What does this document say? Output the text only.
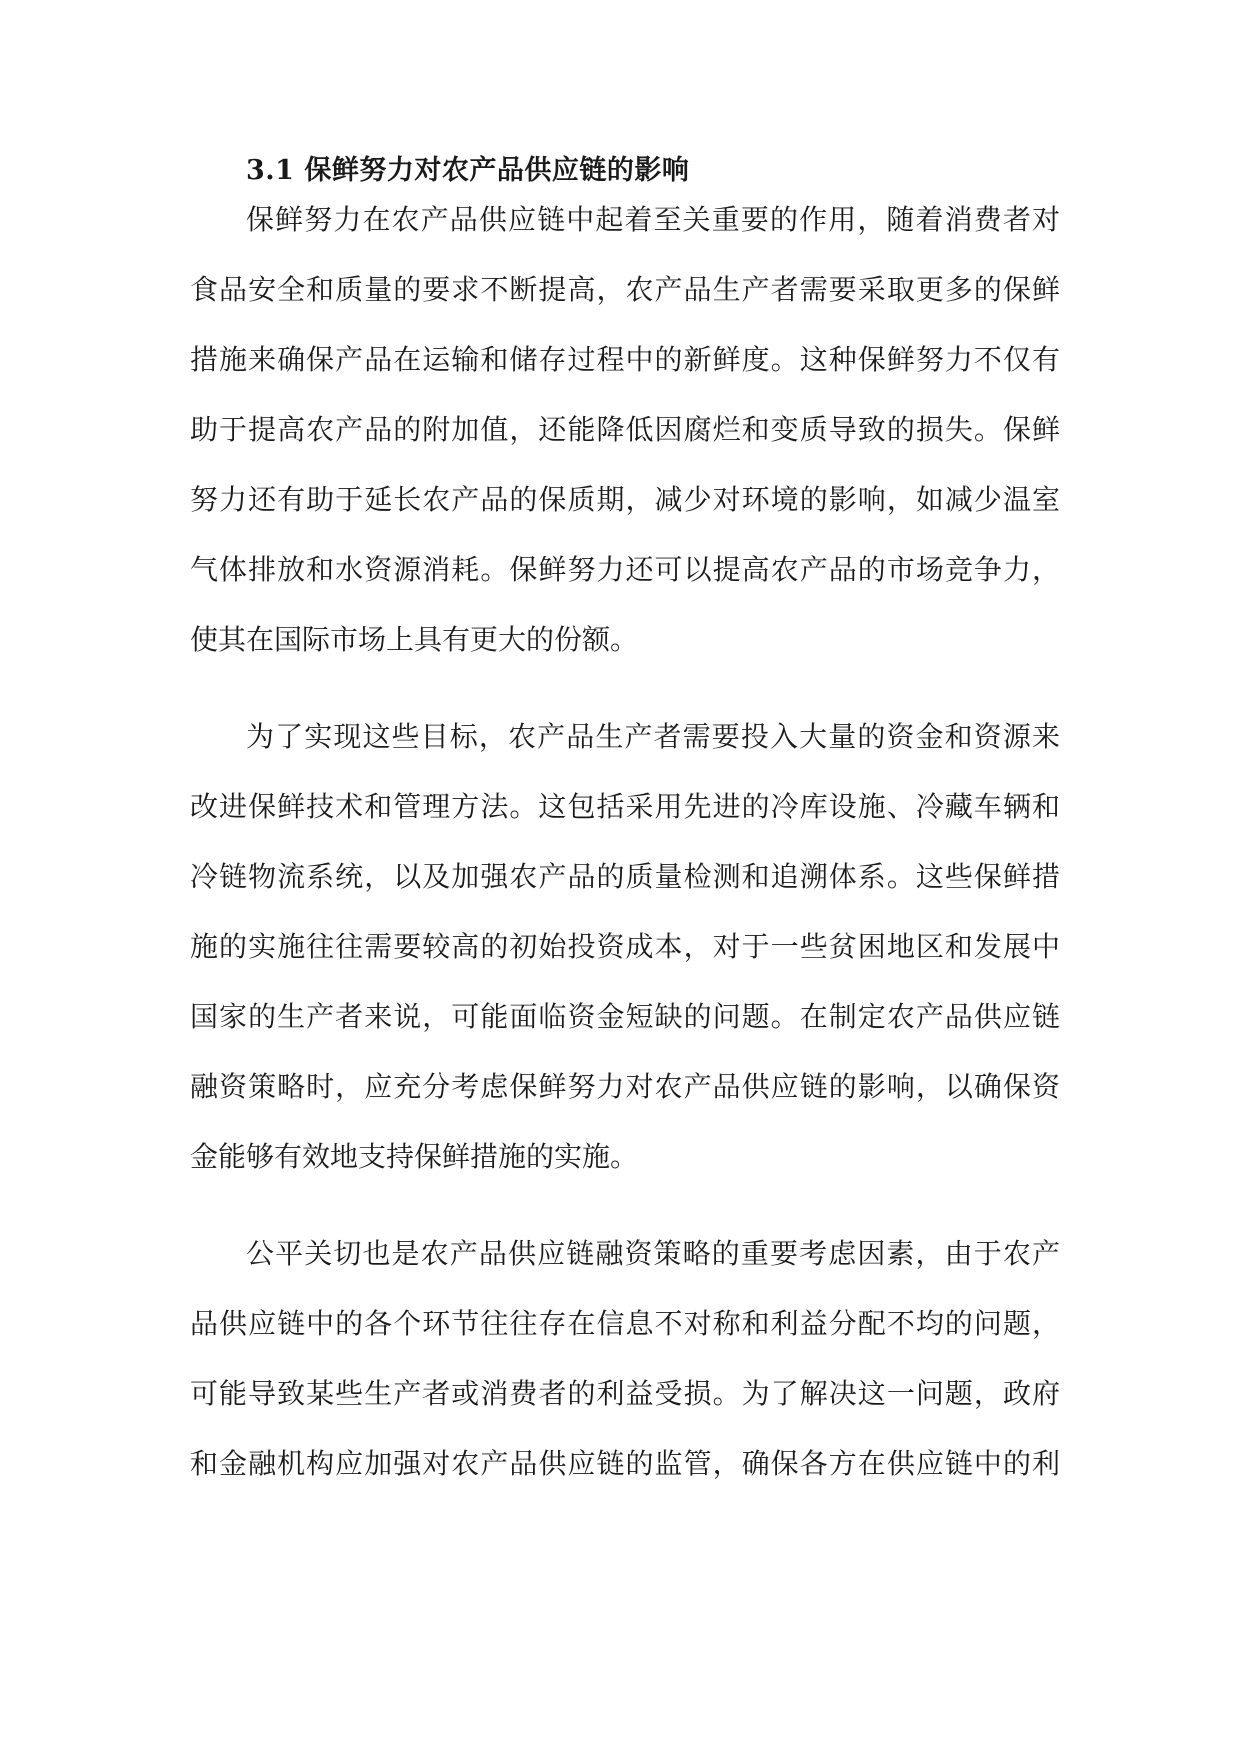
3.1 保鲜努力对农产品供应链的影响
保鲜努力在农产品供应链中起着至关重要的作用，随着消费者对
食品安全和质量的要求不断提高，农产品生产者需要采取更多的保鲜
措施来确保产品在运输和储存过程中的新鲜度。这种保鲜努力不仅有
助于提高农产品的附加值，还能降低因腐烂和变质导致的损失。保鲜
努力还有助于延长农产品的保质期，减少对环境的影响，如减少温室
气体排放和水资源消耗。保鲜努力还可以提高农产品的市场竞争力，
使其在国际市场上具有更大的份额。
为了实现这些目标，农产品生产者需要投入大量的资金和资源来
改进保鲜技术和管理方法。这包括采用先进的冷库设施、冷藏车辆和
冷链物流系统，以及加强农产品的质量检测和追溯体系。这些保鲜措
施的实施往往需要较高的初始投资成本，对于一些贫困地区和发展中
国家的生产者来说，可能面临资金短缺的问题。在制定农产品供应链
融资策略时，应充分考虑保鲜努力对农产品供应链的影响，以确保资
金能够有效地支持保鲜措施的实施。
公平关切也是农产品供应链融资策略的重要考虑因素，由于农产
品供应链中的各个环节往往存在信息不对称和利益分配不均的问题，
可能导致某些生产者或消费者的利益受损。为了解决这一问题，政府
和金融机构应加强对农产品供应链的监管，确保各方在供应链中的利
